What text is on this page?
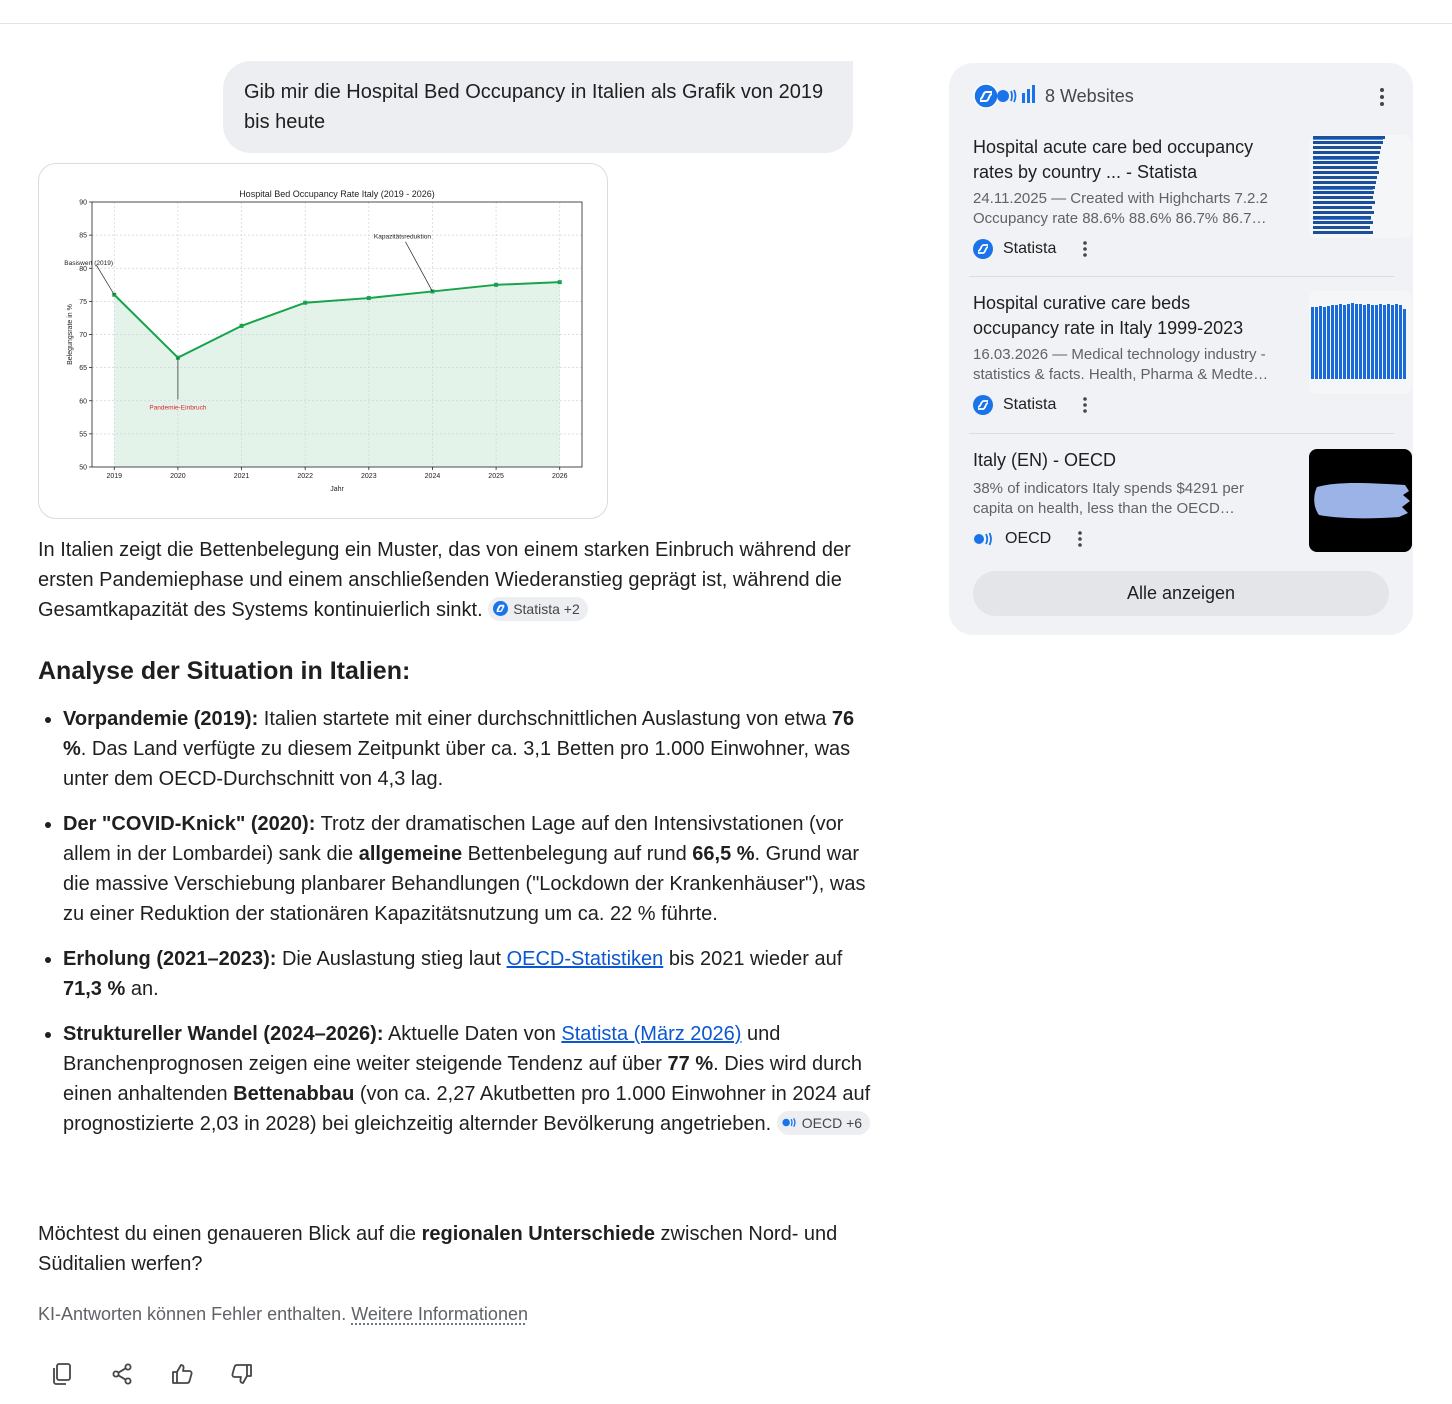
Gib mir die Hospital Bed Occupancy in Italien als Grafik von 2019 bis heute
50
55
60
65
70
75
80
85
90
2019	2020	2021	2022	2023	2024	2025	2026
Hospital Bed Occupancy Rate Italy (2019 - 2026)
Jahr
Belegungsrate in %
Basiswert (2019)
Pandemie-Einbruch
Kapazitätsreduktion

In Italien zeigt die Bettenbelegung ein Muster, das von einem starken Einbruch während der ersten Pandemiephase und einem anschließenden Wiederanstieg geprägt ist, während die Gesamtkapazität des Systems kontinuierlich sinkt. Statista +2

Analyse der Situation in Italien:
• Vorpandemie (2019): Italien startete mit einer durchschnittlichen Auslastung von etwa 76 %. Das Land verfügte zu diesem Zeitpunkt über ca. 3,1 Betten pro 1.000 Einwohner, was unter dem OECD-Durchschnitt von 4,3 lag.
• Der "COVID-Knick" (2020): Trotz der dramatischen Lage auf den Intensivstationen (vor allem in der Lombardei) sank die allgemeine Bettenbelegung auf rund 66,5 %. Grund war die massive Verschiebung planbarer Behandlungen ("Lockdown der Krankenhäuser"), was zu einer Reduktion der stationären Kapazitätsnutzung um ca. 22 % führte.
• Erholung (2021–2023): Die Auslastung stieg laut OECD-Statistiken bis 2021 wieder auf 71,3 % an.
• Struktureller Wandel (2024–2026): Aktuelle Daten von Statista (März 2026) und Branchenprognosen zeigen eine weiter steigende Tendenz auf über 77 %. Dies wird durch einen anhaltenden Bettenabbau (von ca. 2,27 Akutbetten pro 1.000 Einwohner in 2024 auf prognostizierte 2,03 in 2028) bei gleichzeitig alternder Bevölkerung angetrieben. OECD +6

Möchtest du einen genaueren Blick auf die regionalen Unterschiede zwischen Nord- und Süditalien werfen?

KI-Antworten können Fehler enthalten. Weitere Informationen
8 Websites
Hospital acute care bed occupancy rates by country ... - Statista
24.11.2025 — Created with Highcharts 7.2.2
Occupancy rate 88.6% 88.6% 86.7% 86.7…
Statista
Hospital curative care beds occupancy rate in Italy 1999-2023
16.03.2026 — Medical technology industry -
statistics & facts. Health, Pharma & Medte…
Statista
Italy (EN) - OECD
38% of indicators Italy spends $4291 per
capita on health, less than the OECD…
OECD
Alle anzeigen
